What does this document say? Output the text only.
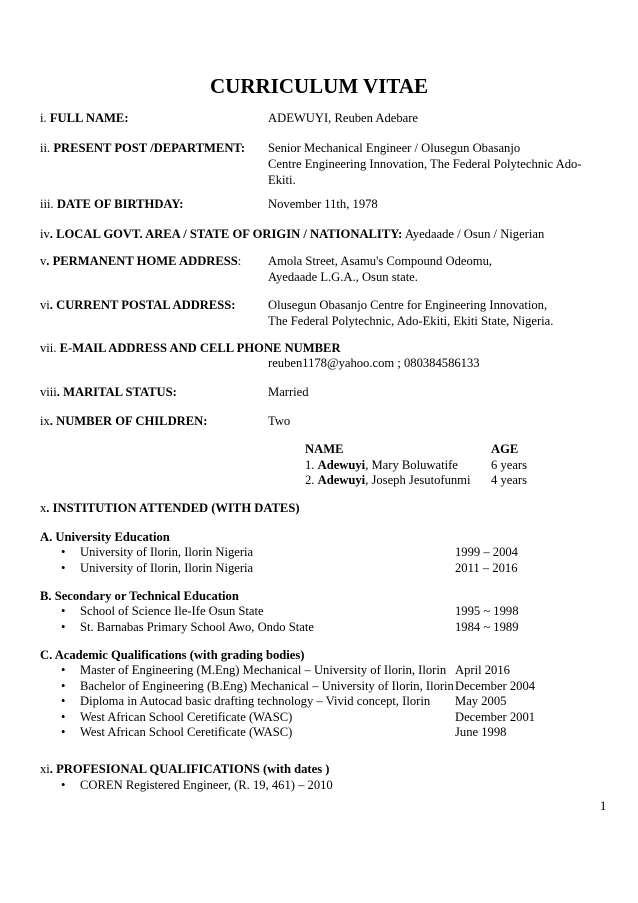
CURRICULUM VITAE
i. FULL NAME:	ADEWUYI, Reuben Adebare
ii. PRESENT POST /DEPARTMENT: Senior Mechanical Engineer / Olusegun Obasanjo
Centre Engineering Innovation, The Federal Polytechnic Ado-
Ekiti.
iii. DATE OF BIRTHDAY:	November 11th, 1978
iv. LOCAL GOVT. AREA / STATE OF ORIGIN / NATIONALITY: Ayedaade / Osun / Nigerian
v. PERMANENT HOME ADDRESS: Amola Street, Asamu's Compound Odeomu,
Ayedaade L.G.A., Osun state.
vi. CURRENT POSTAL ADDRESS:	Olusegun Obasanjo Centre for Engineering Innovation,
The Federal Polytechnic, Ado-Ekiti, Ekiti State, Nigeria.
vii. E-MAIL ADDRESS AND CELL PHONE NUMBER
reuben1178@yahoo.com ; 080384586133
viii. MARITAL STATUS:	Married
ix. NUMBER OF CHILDREN:	Two
NAME	AGE
1. Adewuyi, Mary Boluwatife	6 years
2. Adewuyi, Joseph Jesutofunmi 4 years
x. INSTITUTION ATTENDED (WITH DATES)
A. University Education
• University of Ilorin, Ilorin Nigeria	1999 – 2004
• University of Ilorin, Ilorin Nigeria	2011 – 2016
B. Secondary or Technical Education
• School of Science Ile-Ife Osun State	1995 ~ 1998
• St. Barnabas Primary School Awo, Ondo State	1984 ~ 1989
C. Academic Qualifications (with grading bodies)
• Master of Engineering (M.Eng) Mechanical – University of Ilorin, Ilorin April 2016
• Bachelor of Engineering (B.Eng) Mechanical – University of Ilorin, Ilorin December 2004
• Diploma in Autocad basic drafting technology – Vivid concept, Ilorin May 2005
• West African School Ceretificate (WASC)	December 2001
• West African School Ceretificate (WASC)	June 1998
xi. PROFESIONAL QUALIFICATIONS (with dates )
• COREN Registered Engineer, (R. 19, 461) – 2010
1
